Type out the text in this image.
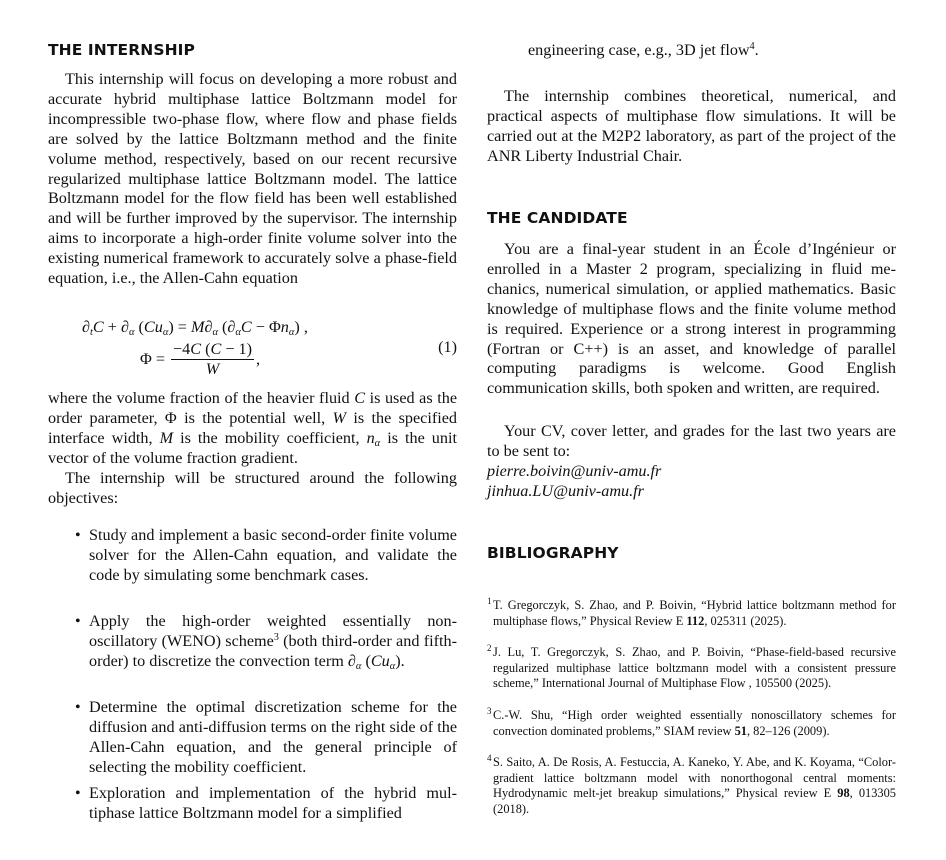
THE INTERNSHIP

This internship will focus on developing a more robust and accurate hybrid multiphase lattice Boltzmann model for incompressible two-phase flow, where flow and phase fields are solved by the lattice Boltzmann method and the finite volume method, respectively, based on our recent recursive regularized multiphase lattice Boltzmann model. The lattice Boltzmann model for the flow field has been well established and will be further improved by the supervisor. The internship aims to incorporate a high-order finite volume solver into the existing numerical framework to accurately solve a phase-field equation, i.e., the Allen-Cahn equation

$\partial_tC + \partial_\alpha$ $(Cu_\alpha) = M\partial_\alpha$ $(\partial_\alpha C - \Phi n_\alpha)$ ,
$\Phi = \frac{-4C (C - 1)}{W}$ ,
(1)

where the volume fraction of the heavier fluid C is used as the order parameter, Φ is the potential well, W is the specified interface width, M is the mobility coefficient, $n_\alpha$ is the unit vector of the volume fraction gradient.

The internship will be structured around the following objectives:

• Study and implement a basic second-order finite volume solver for the Allen-Cahn equation, and validate the code by simulating some benchmark cases.
• Apply the high-order weighted essentially non-oscillatory (WENO) scheme$^3$ (both third-order and fifth-order) to discretize the convection term $\partial_\alpha$ $(Cu_\alpha)$.
• Determine the optimal discretization scheme for the diffusion and anti-diffusion terms on the right side of the Allen-Cahn equation, and the general principle of selecting the mobility coefficient.
• Exploration and implementation of the hybrid multiphase lattice Boltzmann model for a simplified

engineering case, e.g., 3D jet flow$^4$.

The internship combines theoretical, numerical, and practical aspects of multiphase flow simulations. It will be carried out at the M2P2 laboratory, as part of the project of the ANR Liberty Industrial Chair.

THE CANDIDATE

You are a final-year student in an École d’Ingénieur or enrolled in a Master 2 program, specializing in fluid mechanics, numerical simulation, or applied mathematics. Basic knowledge of multiphase flows and the finite volume method is required. Experience or a strong interest in programming (Fortran or C++) is an asset, and knowledge of parallel computing paradigms is welcome. Good English communication skills, both spoken and written, are required.

Your CV, cover letter, and grades for the last two years are to be sent to:

pierre.boivin@univ-amu.fr
jinhua.LU@univ-amu.fr
BIBLIOGRAPHY
1 T. Gregorczyk, S. Zhao, and P. Boivin, “Hybrid lattice boltzmann method for multiphase flows,” Physical Review E 112, 025311 (2025).
2 J. Lu, T. Gregorczyk, S. Zhao, and P. Boivin, “Phase-field-based recursive regularized multiphase lattice boltzmann model with a consistent pressure scheme,” International Journal of Multiphase Flow , 105500 (2025).
3 C.-W. Shu, “High order weighted essentially nonoscillatory schemes for convection dominated problems,” SIAM review 51, 82–126 (2009).
4 S. Saito, A. De Rosis, A. Festuccia, A. Kaneko, Y. Abe, and K. Koyama, “Color-gradient lattice boltzmann model with nonorthogonal central moments: Hydrodynamic melt-jet breakup simulations,” Physical review E 98, 013305 (2018).
